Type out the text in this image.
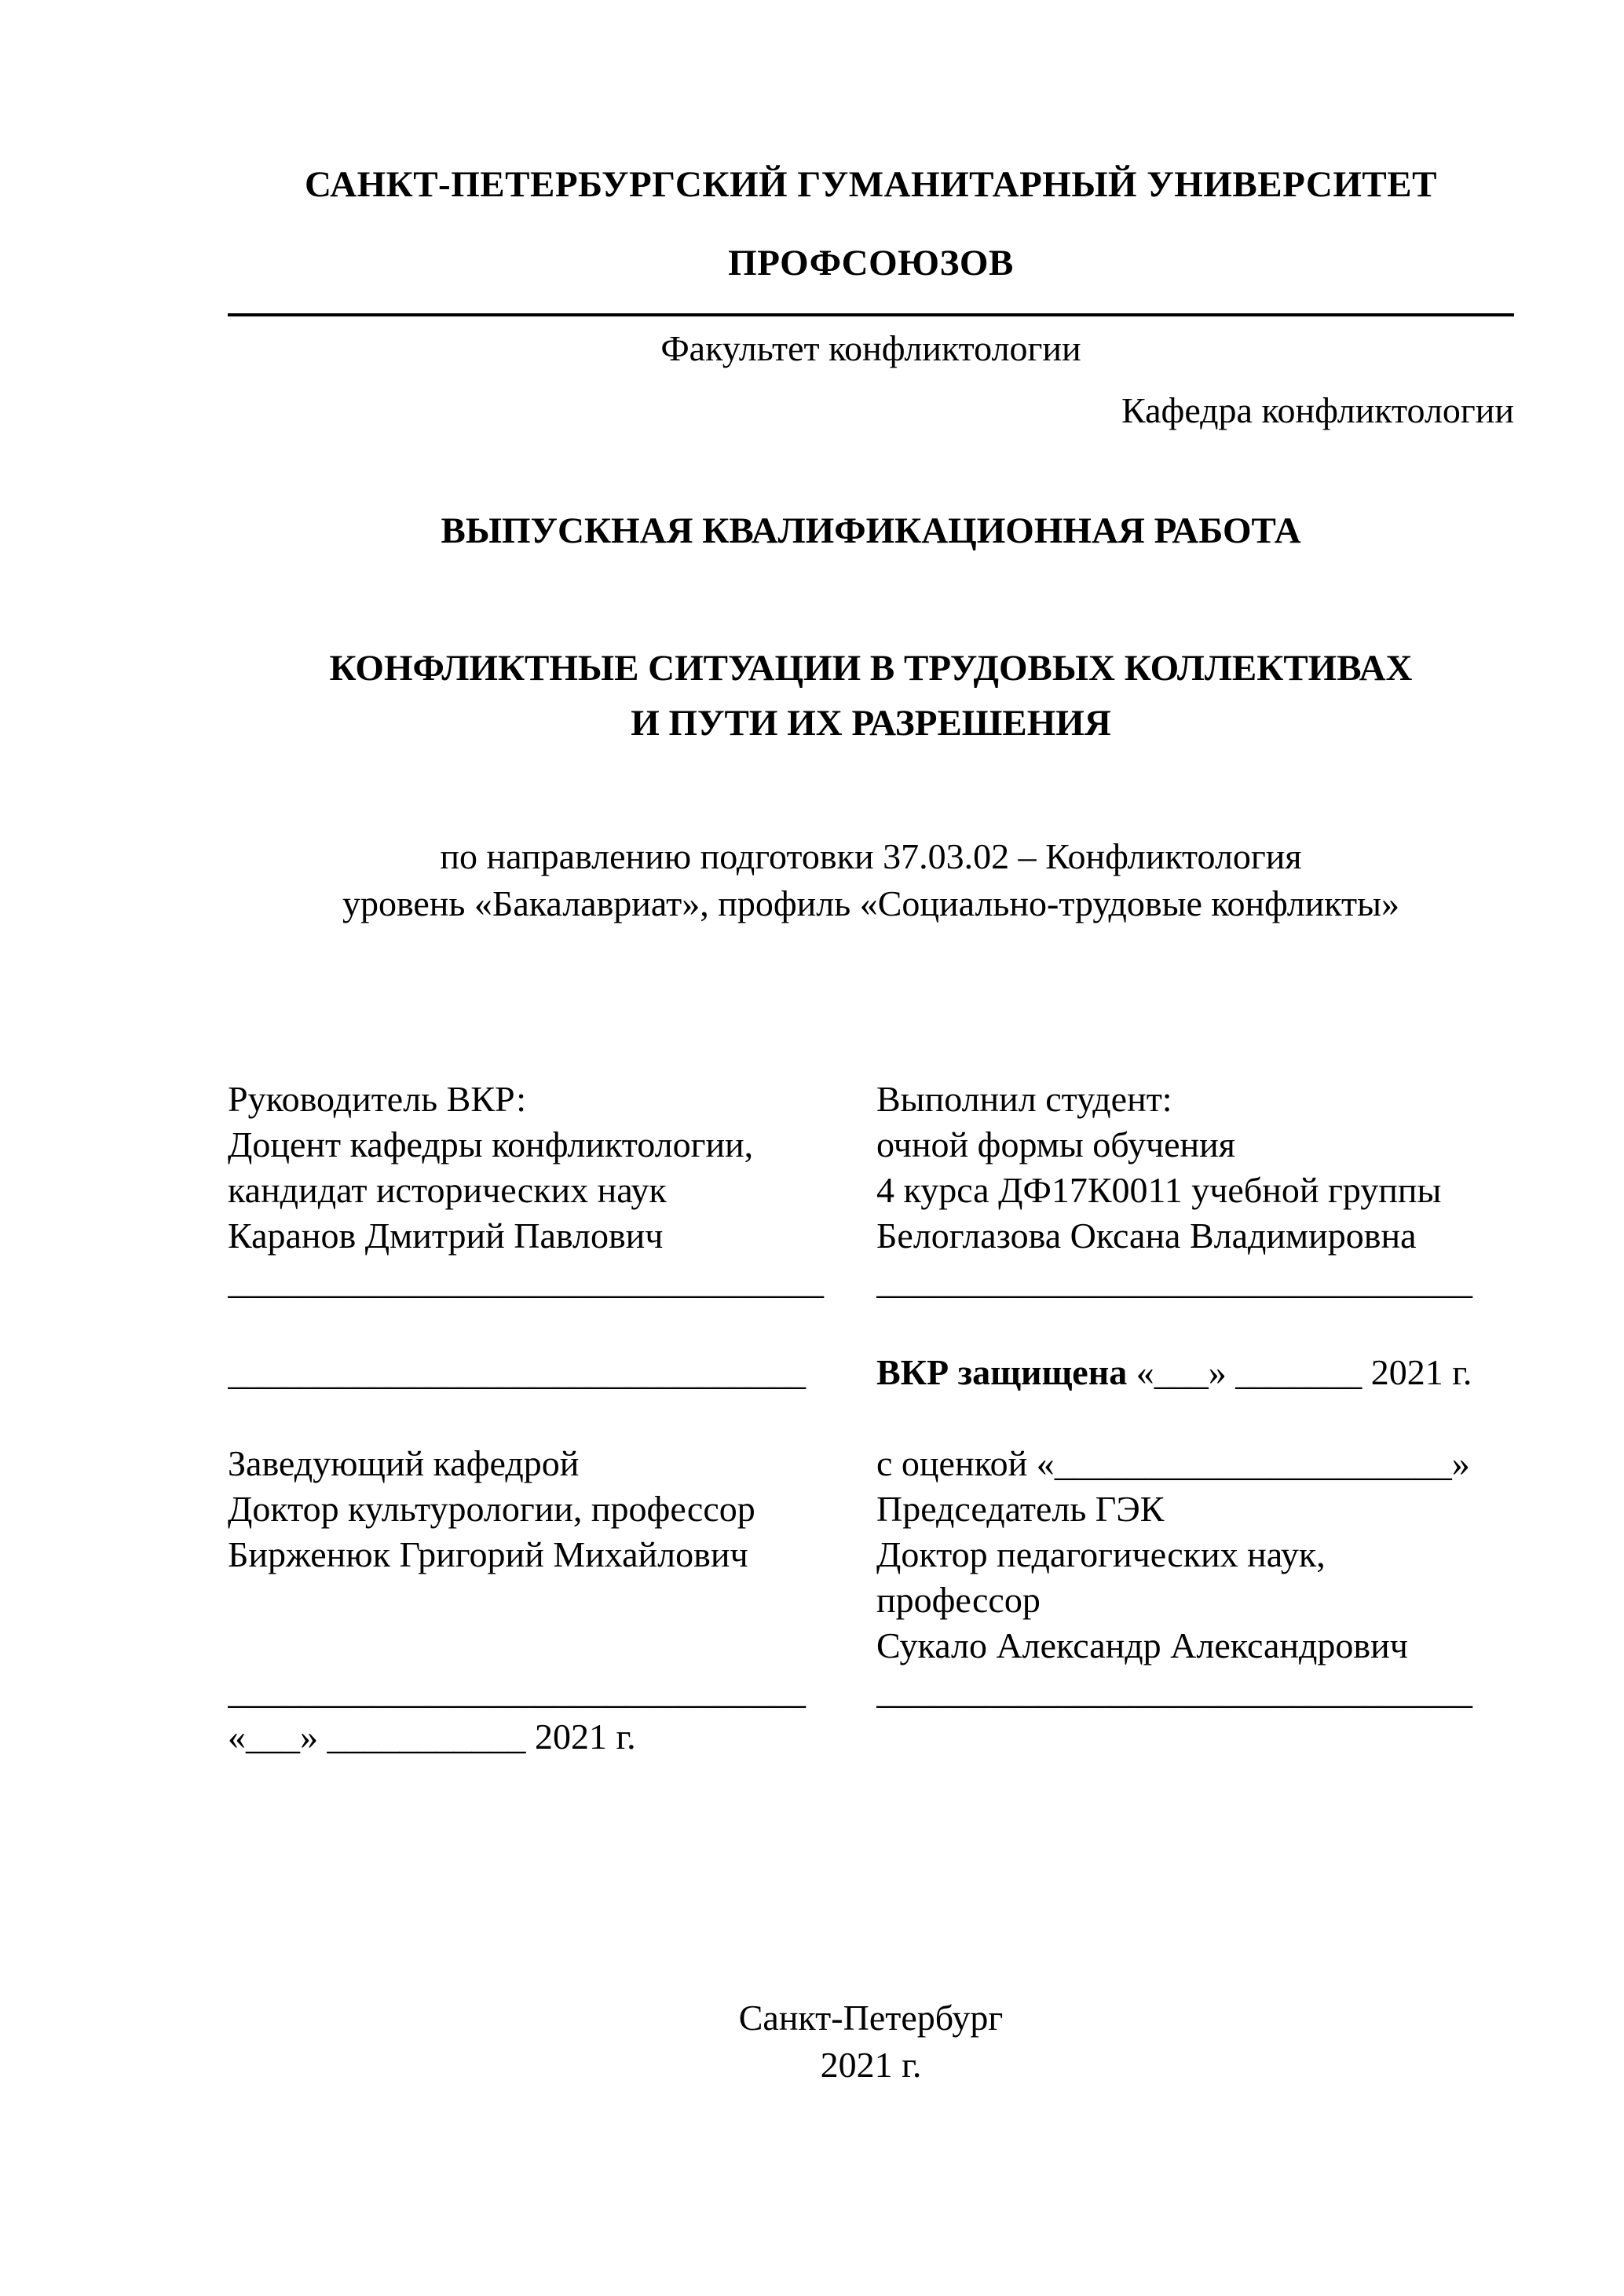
САНКТ-ПЕТЕРБУРГСКИЙ ГУМАНИТАРНЫЙ УНИВЕРСИТЕТ
ПРОФСОЮЗОВ
Факультет конфликтологии
Кафедра конфликтологии
ВЫПУСКНАЯ КВАЛИФИКАЦИОННАЯ РАБОТА
КОНФЛИКТНЫЕ СИТУАЦИИ В ТРУДОВЫХ КОЛЛЕКТИВАХ
И ПУТИ ИХ РАЗРЕШЕНИЯ
по направлению подготовки 37.03.02 – Конфликтология
уровень «Бакалавриат», профиль «Социально-трудовые конфликты»
Руководитель ВКР:
Доцент кафедры конфликтологии,
кандидат исторических наук
Каранов Дмитрий Павлович
_________________________________
________________________________
Заведующий кафедрой
Доктор культурологии, профессор
Бирженюк Григорий Михайлович
________________________________
«___» ___________ 2021 г.
Выполнил студент:
очной формы обучения
4 курса ДФ17К0011 учебной группы
Белоглазова Оксана Владимировна
_________________________________
ВКР защищена «___» _______ 2021 г.
с оценкой «______________________»
Председатель ГЭК
Доктор педагогических наук,
профессор
Сукало Александр Александрович
_________________________________
Санкт-Петербург
2021 г.
